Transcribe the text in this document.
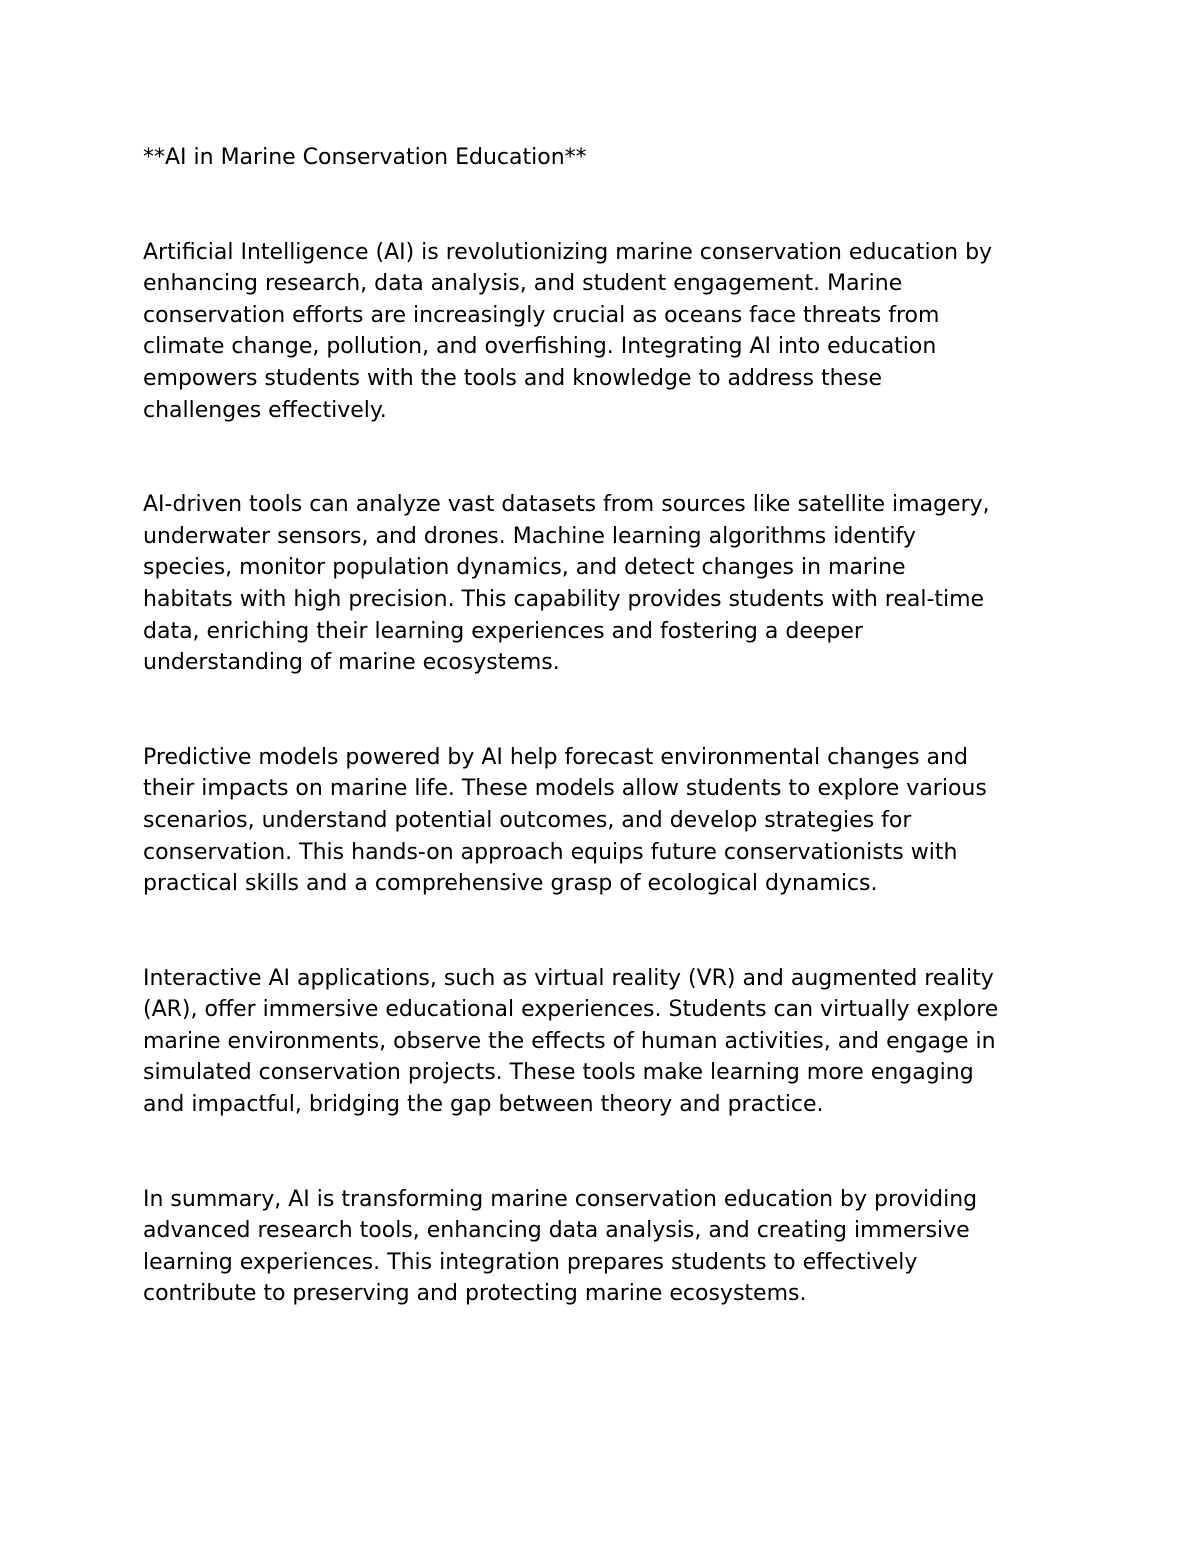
**AI in Marine Conservation Education**
Artificial Intelligence (AI) is revolutionizing marine conservation education by
enhancing research, data analysis, and student engagement. Marine
conservation efforts are increasingly crucial as oceans face threats from
climate change, pollution, and overfishing. Integrating AI into education
empowers students with the tools and knowledge to address these
challenges effectively.
AI-driven tools can analyze vast datasets from sources like satellite imagery,
underwater sensors, and drones. Machine learning algorithms identify
species, monitor population dynamics, and detect changes in marine
habitats with high precision. This capability provides students with real-time
data, enriching their learning experiences and fostering a deeper
understanding of marine ecosystems.
Predictive models powered by AI help forecast environmental changes and
their impacts on marine life. These models allow students to explore various
scenarios, understand potential outcomes, and develop strategies for
conservation. This hands-on approach equips future conservationists with
practical skills and a comprehensive grasp of ecological dynamics.
Interactive AI applications, such as virtual reality (VR) and augmented reality
(AR), offer immersive educational experiences. Students can virtually explore
marine environments, observe the effects of human activities, and engage in
simulated conservation projects. These tools make learning more engaging
and impactful, bridging the gap between theory and practice.
In summary, AI is transforming marine conservation education by providing
advanced research tools, enhancing data analysis, and creating immersive
learning experiences. This integration prepares students to effectively
contribute to preserving and protecting marine ecosystems.
